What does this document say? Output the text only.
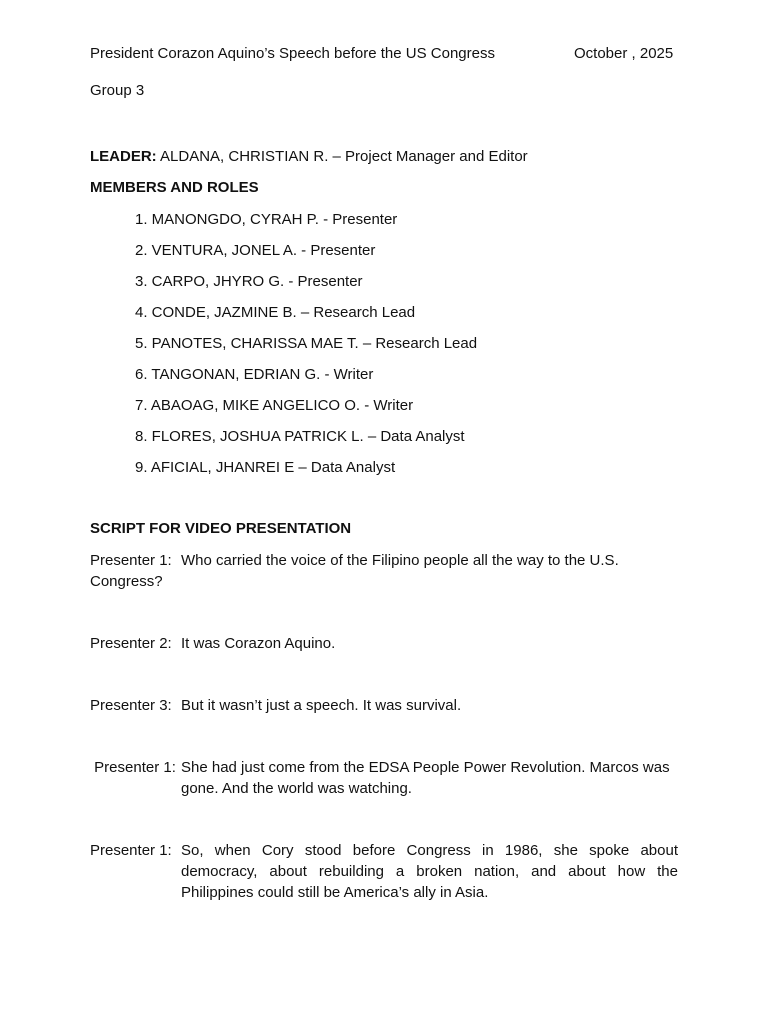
President Corazon Aquino’s Speech before the US Congress	October , 2025
Group 3
LEADER: ALDANA, CHRISTIAN R. – Project Manager and Editor
MEMBERS AND ROLES
1. MANONGDO, CYRAH P. - Presenter
2. VENTURA, JONEL A. - Presenter
3. CARPO, JHYRO G. - Presenter
4. CONDE, JAZMINE B. – Research Lead
5. PANOTES, CHARISSA MAE T. – Research Lead
6. TANGONAN, EDRIAN G. - Writer
7. ABAOAG, MIKE ANGELICO O. - Writer
8. FLORES, JOSHUA PATRICK L. – Data Analyst
9. AFICIAL, JHANREI E – Data Analyst
SCRIPT FOR VIDEO PRESENTATION
Presenter 1: Who carried the voice of the Filipino people all the way to the U.S. Congress?
Presenter 2: It was Corazon Aquino.
Presenter 3: But it wasn’t just a speech. It was survival.
Presenter 1: She had just come from the EDSA People Power Revolution. Marcos was gone. And the world was watching.
Presenter 1: So, when Cory stood before Congress in 1986, she spoke about democracy, about rebuilding a broken nation, and about how the Philippines could still be America’s ally in Asia.
